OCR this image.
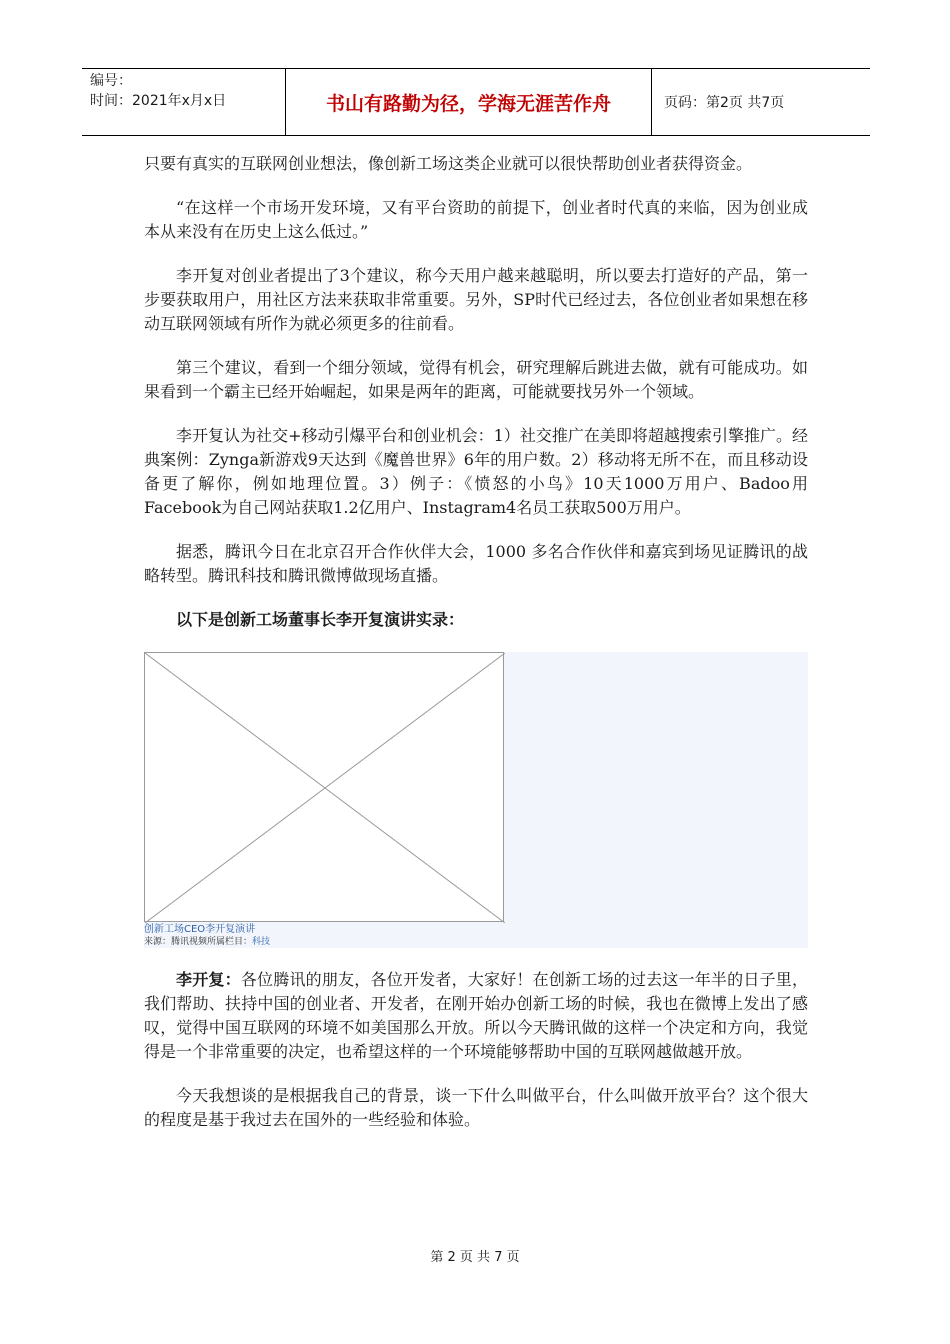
编号：
时间：2021年x月x日	书山有路勤为径，学海无涯苦作舟	页码：第2页 共7页

只要有真实的互联网创业想法，像创新工场这类企业就可以很快帮助创业者获得资金。

“在这样一个市场开发环境，又有平台资助的前提下，创业者时代真的来临，因为创业成本从来没有在历史上这么低过。”

李开复对创业者提出了3个建议，称今天用户越来越聪明，所以要去打造好的产品，第一步要获取用户，用社区方法来获取非常重要。另外，SP时代已经过去，各位创业者如果想在移动互联网领域有所作为就必须更多的往前看。

第三个建议，看到一个细分领域，觉得有机会，研究理解后跳进去做，就有可能成功。如果看到一个霸主已经开始崛起，如果是两年的距离，可能就要找另外一个领域。

李开复认为社交+移动引爆平台和创业机会：1）社交推广在美即将超越搜索引擎推广。经典案例：Zynga新游戏9天达到《魔兽世界》6年的用户数。2）移动将无所不在，而且移动设备更了解你，例如地理位置。3）例子：《愤怒的小鸟》10天1000万用户、Badoo用Facebook为自己网站获取1.2亿用户、Instagram4名员工获取500万用户。

据悉，腾讯今日在北京召开合作伙伴大会，1000 多名合作伙伴和嘉宾到场见证腾讯的战略转型。腾讯科技和腾讯微博做现场直播。

以下是创新工场董事长李开复演讲实录：
创新工场CEO李开复演讲
来源：腾讯视频所属栏目：科技

李开复：各位腾讯的朋友，各位开发者，大家好！在创新工场的过去这一年半的日子里，我们帮助、扶持中国的创业者、开发者，在刚开始办创新工场的时候，我也在微博上发出了感叹，觉得中国互联网的环境不如美国那么开放。所以今天腾讯做的这样一个决定和方向，我觉得是一个非常重要的决定，也希望这样的一个环境能够帮助中国的互联网越做越开放。

今天我想谈的是根据我自己的背景，谈一下什么叫做平台，什么叫做开放平台？这个很大的程度是基于我过去在国外的一些经验和体验。

第 2 页 共 7 页
